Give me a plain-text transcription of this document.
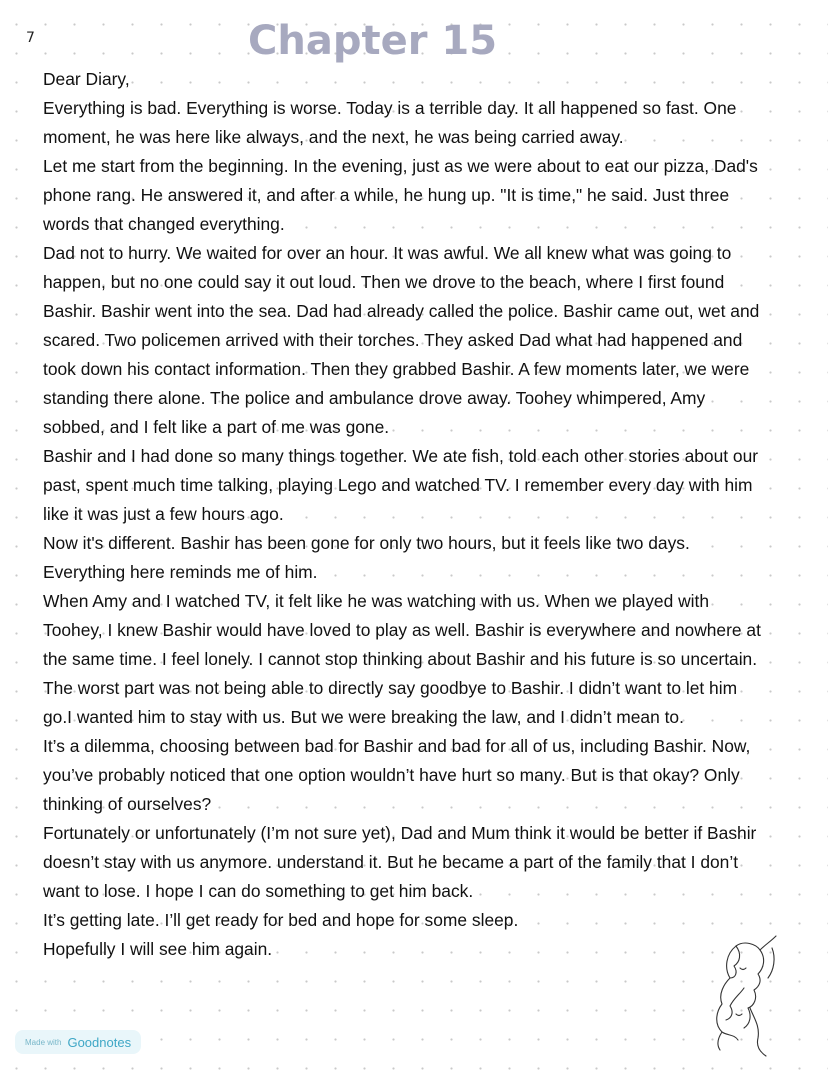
7	Chapter 15
Dear Diary,
Everything is bad. Everything is worse. Today is a terrible day. It all happened so fast. One
moment, he was here like always, and the next, he was being carried away.
Let me start from the beginning. In the evening, just as we were about to eat our pizza, Dad's
phone rang. He answered it, and after a while, he hung up. "It is time," he said. Just three
words that changed everything.
Dad not to hurry. We waited for over an hour. It was awful. We all knew what was going to
happen, but no one could say it out loud. Then we drove to the beach, where I first found
Bashir. Bashir went into the sea. Dad had already called the police. Bashir came out, wet and
scared. Two policemen arrived with their torches. They asked Dad what had happened and
took down his contact information. Then they grabbed Bashir. A few moments later, we were
standing there alone. The police and ambulance drove away. Toohey whimpered, Amy
sobbed, and I felt like a part of me was gone.
Bashir and I had done so many things together. We ate fish, told each other stories about our
past, spent much time talking, playing Lego and watched TV. I remember every day with him
like it was just a few hours ago.
Now it's different. Bashir has been gone for only two hours, but it feels like two days.
Everything here reminds me of him.
When Amy and I watched TV, it felt like he was watching with us. When we played with
Toohey, I knew Bashir would have loved to play as well. Bashir is everywhere and nowhere at
the same time. I feel lonely. I cannot stop thinking about Bashir and his future is so uncertain.
The worst part was not being able to directly say goodbye to Bashir. I didn’t want to let him
go.I wanted him to stay with us. But we were breaking the law, and I didn’t mean to.
It’s a dilemma, choosing between bad for Bashir and bad for all of us, including Bashir. Now,
you’ve probably noticed that one option wouldn’t have hurt so many. But is that okay? Only
thinking of ourselves?
Fortunately or unfortunately (I’m not sure yet), Dad and Mum think it would be better if Bashir
doesn’t stay with us anymore. understand it. But he became a part of the family that I don’t
want to lose. I hope I can do something to get him back.
It’s getting late. I’ll get ready for bed and hope for some sleep.
Hopefully I will see him again.
Made with Goodnotes
